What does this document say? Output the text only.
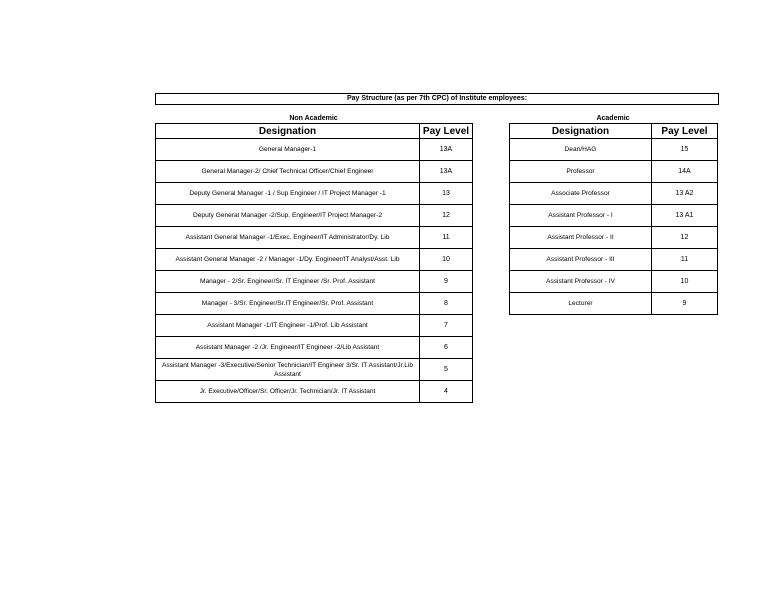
Pay Structure (as per 7th CPC) of Institute employees:
Non Academic	Academic
Designation	Pay Level
General Manager-1	13A
General Manager-2/ Chief Technical Officer/Chief Engineer	13A
Deputy General Manager -1 / Sup Engineer / IT Project Manager -1	13
Deputy General Manager -2/Sup. Engineer/IT Project Manager-2	12
Assistant General Manager -1/Exec. Engineer/IT Administrator/Dy. Lib	11
Assistant General Manager -2 / Manager -1/Dy. Engineer/IT Analyst/Asst. Lib	10
Manager - 2/Sr. Engineer/Sr. IT Engineer /Sr. Prof. Assistant	9
Manager - 3/Sr. Engineer/Sr.IT Engineer/Sr. Prof. Assistant	8
Assistant Manager -1/IT Engineer -1/Prof. Lib Assistant	7
Assistant Manager -2 /Jr. Engineer/IT Engineer -2/Lib Assistant	6
Assistant Manager -3/Executive/Senior Technician/IT Engineer 3/Sr. IT Assistant/Jr.Lib Assistant	5
Jr. Executive/Officer/Sr. Officer/Jr. Technician/Jr. IT Assistant	4
Designation	Pay Level
Dean/HAG	15
Professor	14A
Associate Professor	13 A2
Assistant Professor - I	13 A1
Assistant Professor - II	12
Assistant Professor - III	11
Assistant Professor - IV	10
Lecturer	9
